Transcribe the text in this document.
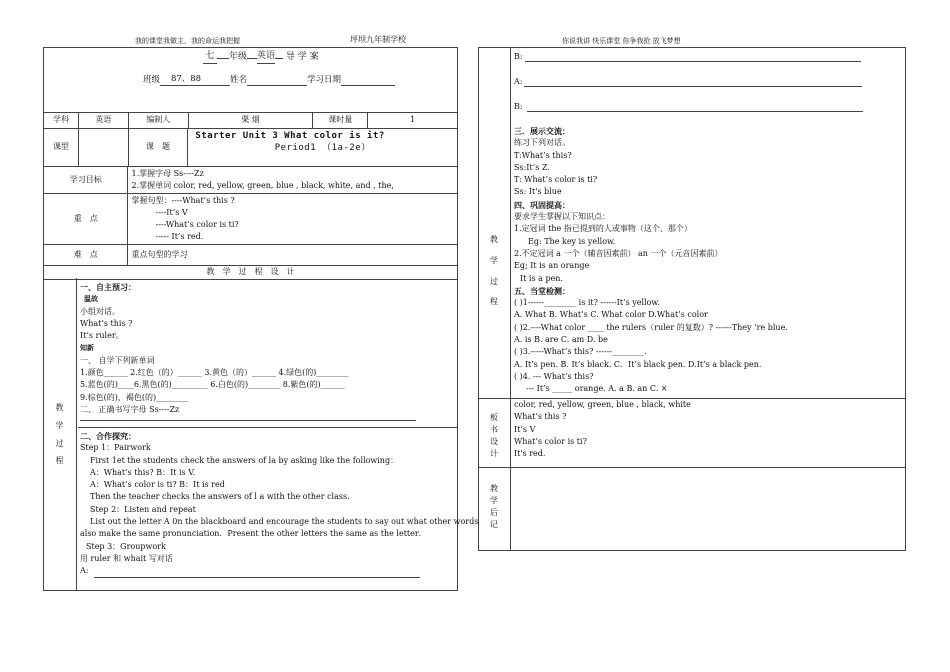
我的课堂我做主，我的命运我把握	坪坝九年制学校	你说我讲 快乐课堂 你争我抢 放飞梦想
七 年级 英语 导 学 案
班级 87、88	姓名	学习日期
学科	英语	编制人	栗 烟	课时量	1
课型		课　题	
Starter Unit 3 What color is it?
Period1 （1a-2e）
学习目标	1.掌握字母 Ss----Zz
2.掌握单词 color, red, yellow, green, blue , black, white, and , the,

重　点	掌握句型：----What’s this ?
----It’s V
----What’s color is ti?
----- It’s red.

难　点	重点句型的学习
教　学　过　程　设　计	
教
学
过
程
一、自主预习：
温故
小组对话。
What’s this ?
It’s ruler。
知新
一、 自学下列新单词
1.颜色______ 2.红色（的）______ 3.黄色（的）______ 4.绿色(的)________
5.蓝色(的)____6.黑色(的)_________ 6.白色(的)________ 8.紫色(的)______
9.棕色(的)，褐色(的)________
二、 正确书写字母 Ss----Zz
二、合作探究：
Step 1：Pairwork
First 1et the students check the answers of la by asking like the following：
A：What’s this? B：It is V.
A：What’s color is ti? B：It is red
Then the teacher checks the answers of l a with the other class．
Step 2：Listen and repeat
List out the letter A 0n the blackboard and encourage the students to say out what other words
also make the same pronunciation．Present the other letters the same as the letter．
Step 3：Groupwork
用 ruler 和 whait 写对话
A:
教
学
过
程
B:
A:
B:
三．展示交流：
练习下列对话。
T:What’s this?
Ss:It’s Z.
T: What’s color is ti?
Ss: It's blue
四、巩固提高：
要求学生掌握以下知识点：
1.定冠词 the 指已提到的人或事物（这个、那个）
Eg: The key is yellow.
2.不定冠词 a 一个（辅音因素前） an 一个（元音因素前）
Eg; It is an orange
It is a pen.
五、当堂检测：
( )1------________ is it? ------It’s yellow.
A. What B. What’s C. What color D.What’s color
( )2.----What color ____ the rulers（ruler 的复数）? ------They ‘re blue.
A. is B. are C. am D. be
( )3.-----What’s this? ------________.
A. It’s pen. B. It’s black. C．It’s black pen. D.It’s a black pen.
( )4. --- What’s this?
--- It’s _____ orange. A. a B. an C. ×
板
书
设
计
color, red, yellow, green, blue , black, white
What’s this ?
It’s V
What’s color is ti?
It's red.
教
学
后
记
